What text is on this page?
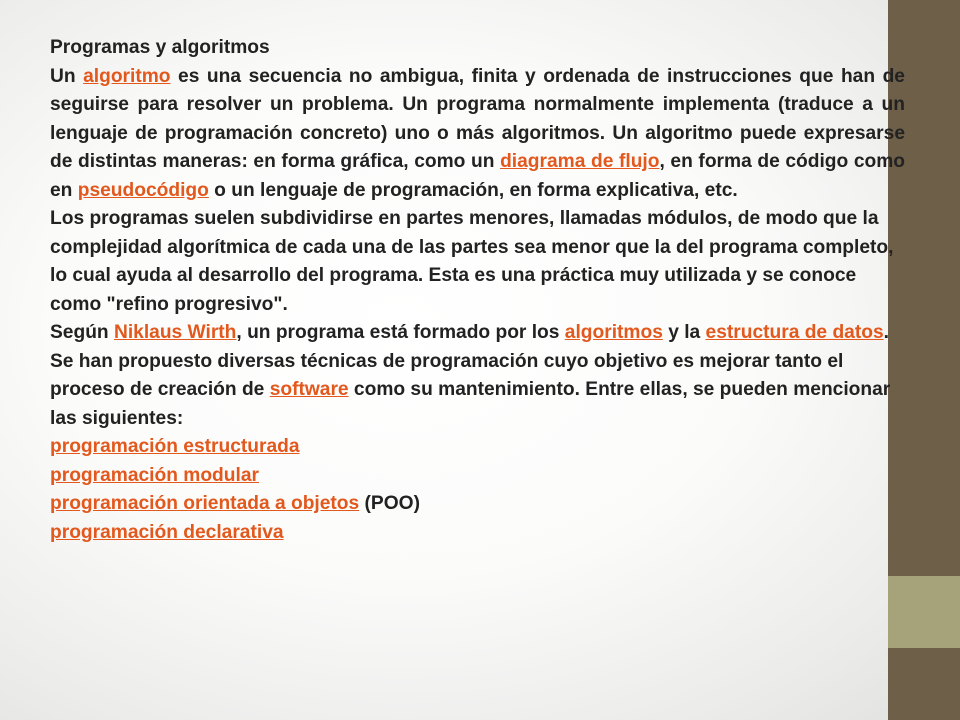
Programas y algoritmos

Un algoritmo es una secuencia no ambigua, finita y ordenada de instrucciones que han de seguirse para resolver un problema. Un programa normalmente implementa (traduce a un lenguaje de programación concreto) uno o más algoritmos. Un algoritmo puede expresarse de distintas maneras: en forma gráfica, como un diagrama de flujo, en forma de código como en pseudocódigo o un lenguaje de programación, en forma explicativa, etc.

Los programas suelen subdividirse en partes menores, llamadas módulos, de modo que la complejidad algorítmica de cada una de las partes sea menor que la del programa completo, lo cual ayuda al desarrollo del programa. Esta es una práctica muy utilizada y se conoce como "refino progresivo".

Según Niklaus Wirth, un programa está formado por los algoritmos y la estructura de datos.

Se han propuesto diversas técnicas de programación cuyo objetivo es mejorar tanto el proceso de creación de software como su mantenimiento. Entre ellas, se pueden mencionar las siguientes:

programación estructurada

programación modular

programación orientada a objetos (POO)

programación declarativa
